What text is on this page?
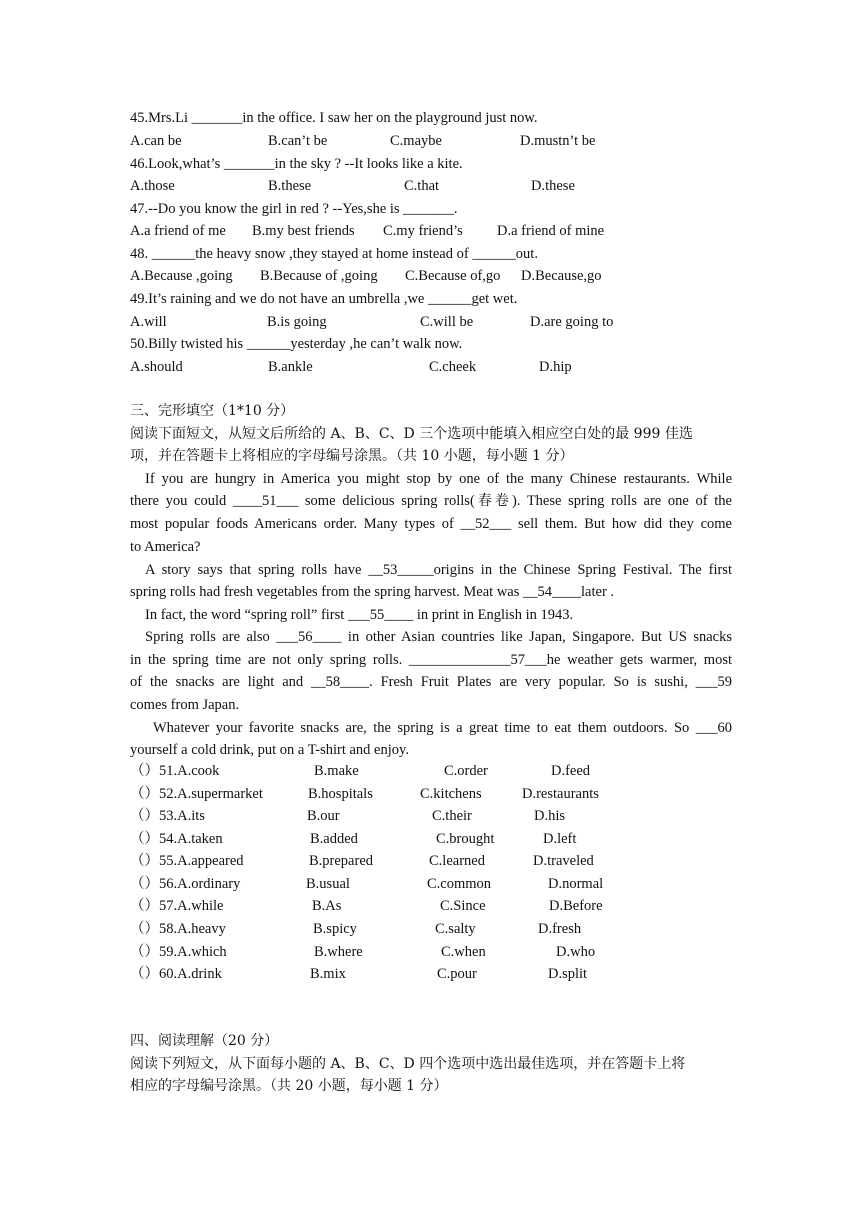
45.Mrs.Li _______in the office. I saw her on the playground just now.
A.can be	B.can’t be	C.maybe	D.mustn’t be
46.Look,what’s _______in the sky ? --It looks like a kite.
A.those	B.these	C.that	D.these
47.--Do you know the girl in red ? --Yes,she is _______.
A.a friend of me B.my best friends C.my friend’s D.a friend of mine
48. ______the heavy snow ,they stayed at home instead of ______out.
A.Because ,going B.Because of ,going C.Because of,go D.Because,go
49.It’s raining and we do not have an umbrella ,we ______get wet.
A.will	B.is going	C.will be	D.are going to
50.Billy twisted his ______yesterday ,he can’t walk now.
A.should	B.ankle	C.cheek	D.hip
三、完形填空（1*10 分）
阅读下面短文，从短文后所给的 A、B、C、D 三个选项中能填入相应空白处的最 999 佳选
项，并在答题卡上将相应的字母编号涂黑。（共 10 小题，每小题 1 分）
If you are hungry in America you might stop by one of the many Chinese restaurants. While
there you could ____51___ some delicious spring rolls(春卷). These spring rolls are one of the
most popular foods Americans order. Many types of __52___ sell them. But how did they come
to America?
A story says that spring rolls have __53_____origins in the Chinese Spring Festival. The first
spring rolls had fresh vegetables from the spring harvest. Meat was __54____later .
In fact, the word “spring roll” first ___55____ in print in English in 1943.
Spring rolls are also ___56____ in other Asian countries like Japan, Singapore. But US snacks
in the spring time are not only spring rolls. ______________57___he weather gets warmer, most
of the snacks are light and __58____. Fresh Fruit Plates are very popular. So is sushi, ___59
comes from Japan.
Whatever your favorite snacks are, the spring is a great time to eat them outdoors. So ___60
yourself a cold drink, put on a T-shirt and enjoy.
（）51.A.cook	B.make	C.order	D.feed
（）52.A.supermarket	B.hospitals	C.kitchens	D.restaurants
（）53.A.its	B.our	C.their	D.his
（）54.A.taken	B.added	C.brought	D.left
（）55.A.appeared	B.prepared	C.learned	D.traveled
（）56.A.ordinary	B.usual	C.common	D.normal
（）57.A.while	B.As	C.Since	D.Before
（）58.A.heavy	B.spicy	C.salty	D.fresh
（）59.A.which	B.where	C.when	D.who
（）60.A.drink	B.mix	C.pour	D.split
四、阅读理解（20 分）
阅读下列短文，从下面每小题的 A、B、C、D 四个选项中选出最佳选项，并在答题卡上将
相应的字母编号涂黑。（共 20 小题，每小题 1 分）
